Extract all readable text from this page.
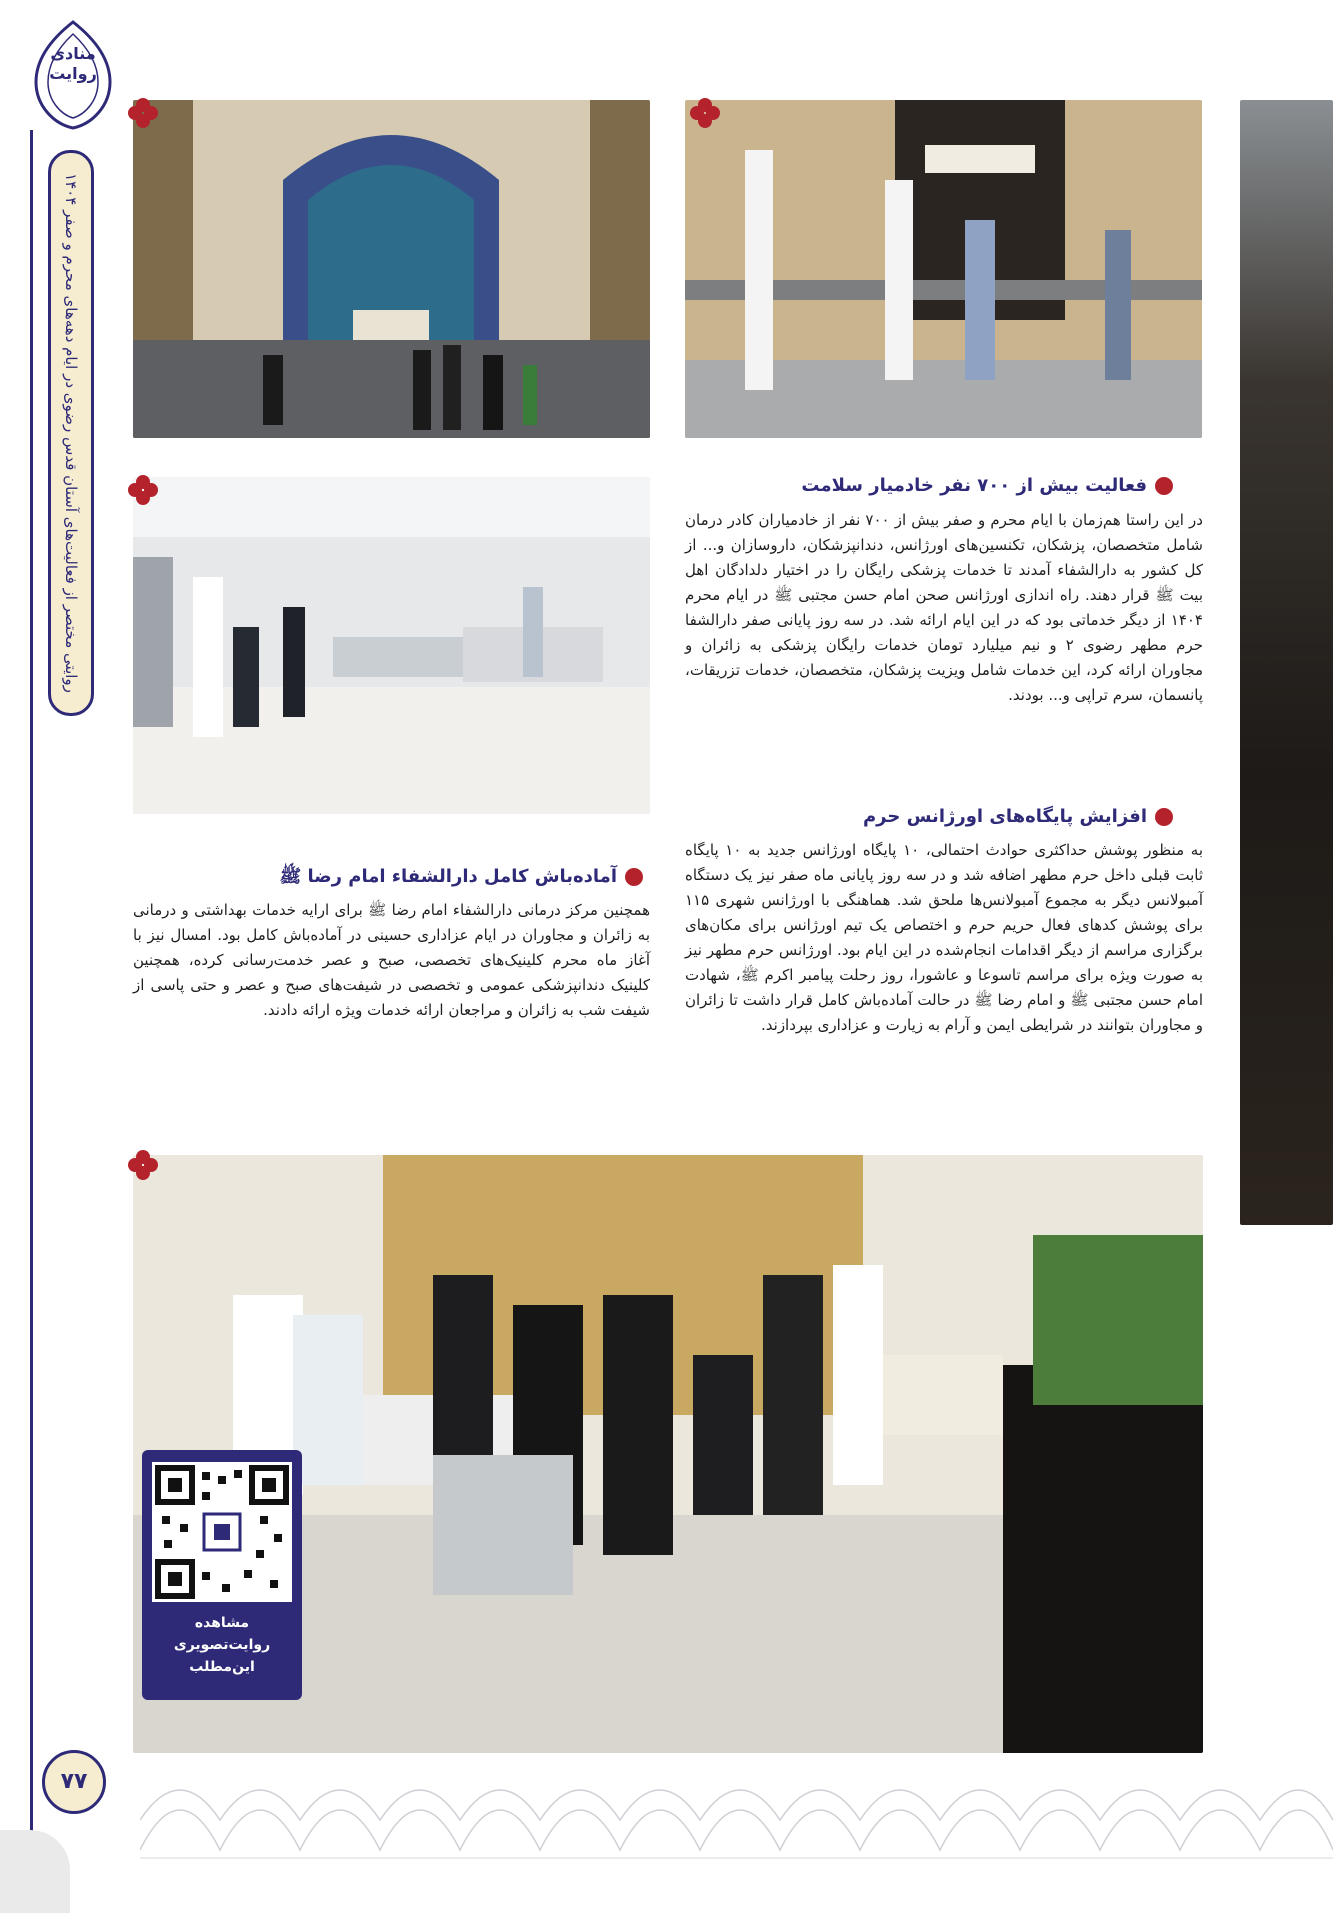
منادی روایت
روایتی مختصر از فعالیت‌های آستان قدس رضوی در ایام دهه‌های محرم و صفر ۱۴۰۴
۷۷
فعالیت بیش از ۷۰۰ نفر خادمیار سلامت
در این راستا هم‌زمان با ایام محرم و صفر بیش از ۷۰۰ نفر از خادمیاران کادر درمان شامل متخصصان، پزشکان، تکنسین‌های اورژانس، دندانپزشکان، داروسازان و... از کل کشور به دارالشفاء آمدند تا خدمات پزشکی رایگان را در اختیار دلدادگان اهل بیت ﷺ قرار دهند. راه اندازی اورژانس صحن امام حسن مجتبی ﷺ در ایام محرم ۱۴۰۴ از دیگر خدماتی بود که در این ایام ارائه شد. در سه روز پایانی صفر دارالشفا حرم مطهر رضوی ۲ و نیم میلیارد تومان خدمات رایگان پزشکی به زائران و مجاوران ارائه کرد، این خدمات شامل ویزیت پزشکان، متخصصان، خدمات تزریقات، پانسمان، سرم تراپی و... بودند.
افزایش پایگاه‌های اورژانس حرم
به منظور پوشش حداکثری حوادث احتمالی، ۱۰ پایگاه اورژانس جدید به ۱۰ پایگاه ثابت قبلی داخل حرم مطهر اضافه شد و در سه روز پایانی ماه صفر نیز یک دستگاه آمبولانس دیگر به مجموع آمبولانس‌ها ملحق شد. هماهنگی با اورژانس شهری ۱۱۵ برای پوشش کدهای فعال حریم حرم و اختصاص یک تیم اورژانس برای مکان‌های برگزاری مراسم از دیگر اقدامات انجام‌شده در این ایام بود. اورژانس حرم مطهر نیز به صورت ویژه برای مراسم تاسوعا و عاشورا، روز رحلت پیامبر اکرم ﷺ، شهادت امام حسن مجتبی ﷺ و امام رضا ﷺ در حالت آماده‌باش کامل قرار داشت تا زائران و مجاوران بتوانند در شرایطی ایمن و آرام به زیارت و عزاداری بپردازند.
آماده‌باش کامل دارالشفاء امام رضا ﷺ
همچنین مرکز درمانی دارالشفاء امام رضا ﷺ برای ارایه خدمات بهداشتی و درمانی به زائران و مجاوران در ایام عزاداری حسینی در آماده‌باش کامل بود. امسال نیز با آغاز ماه محرم کلینیک‌های تخصصی، صبح و عصر خدمت‌رسانی کرده، همچنین کلینیک دندانپزشکی عمومی و تخصصی در شیفت‌های صبح و عصر و حتی پاسی از شیفت شب به زائران و مراجعان ارائه خدمات ویژه ارائه دادند.
مشاهده
روایت‌تصویری
این‌مطلب
